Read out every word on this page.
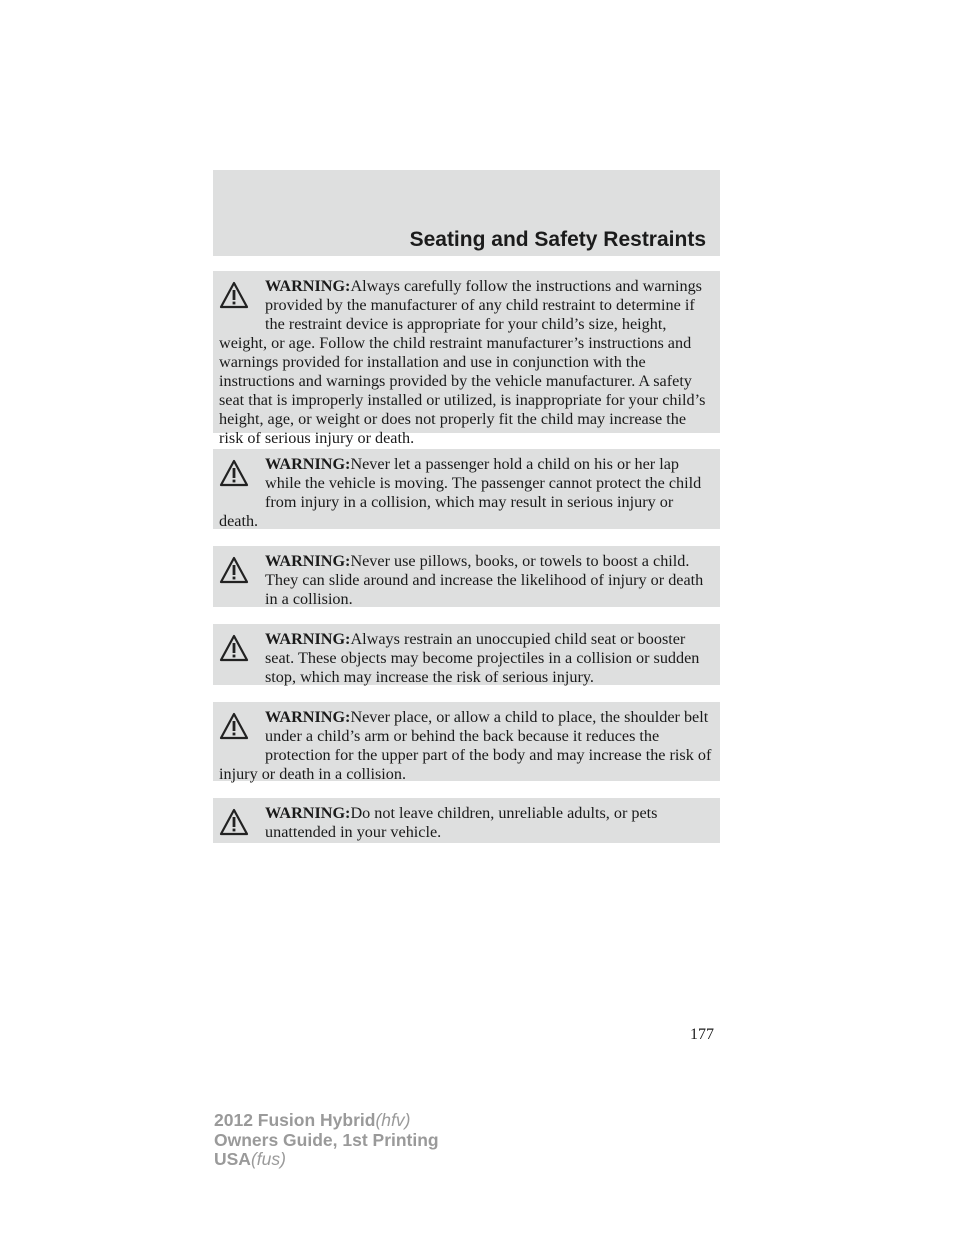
Seating and Safety Restraints
WARNING:Always carefully follow the instructions and warnings provided by the manufacturer of any child restraint to determine if the restraint device is appropriate for your child’s size, height, weight, or age. Follow the child restraint manufacturer’s instructions and warnings provided for installation and use in conjunction with the instructions and warnings provided by the vehicle manufacturer. A safety seat that is improperly installed or utilized, is inappropriate for your child’s height, age, or weight or does not properly fit the child may increase the risk of serious injury or death.
WARNING:Never let a passenger hold a child on his or her lap while the vehicle is moving. The passenger cannot protect the child from injury in a collision, which may result in serious injury or death.
WARNING:Never use pillows, books, or towels to boost a child. They can slide around and increase the likelihood of injury or death in a collision.
WARNING:Always restrain an unoccupied child seat or booster seat. These objects may become projectiles in a collision or sudden stop, which may increase the risk of serious injury.
WARNING:Never place, or allow a child to place, the shoulder belt under a child’s arm or behind the back because it reduces the protection for the upper part of the body and may increase the risk of injury or death in a collision.
WARNING:Do not leave children, unreliable adults, or pets unattended in your vehicle.
177
2012 Fusion Hybrid(hfv)
Owners Guide, 1st Printing
USA(fus)
